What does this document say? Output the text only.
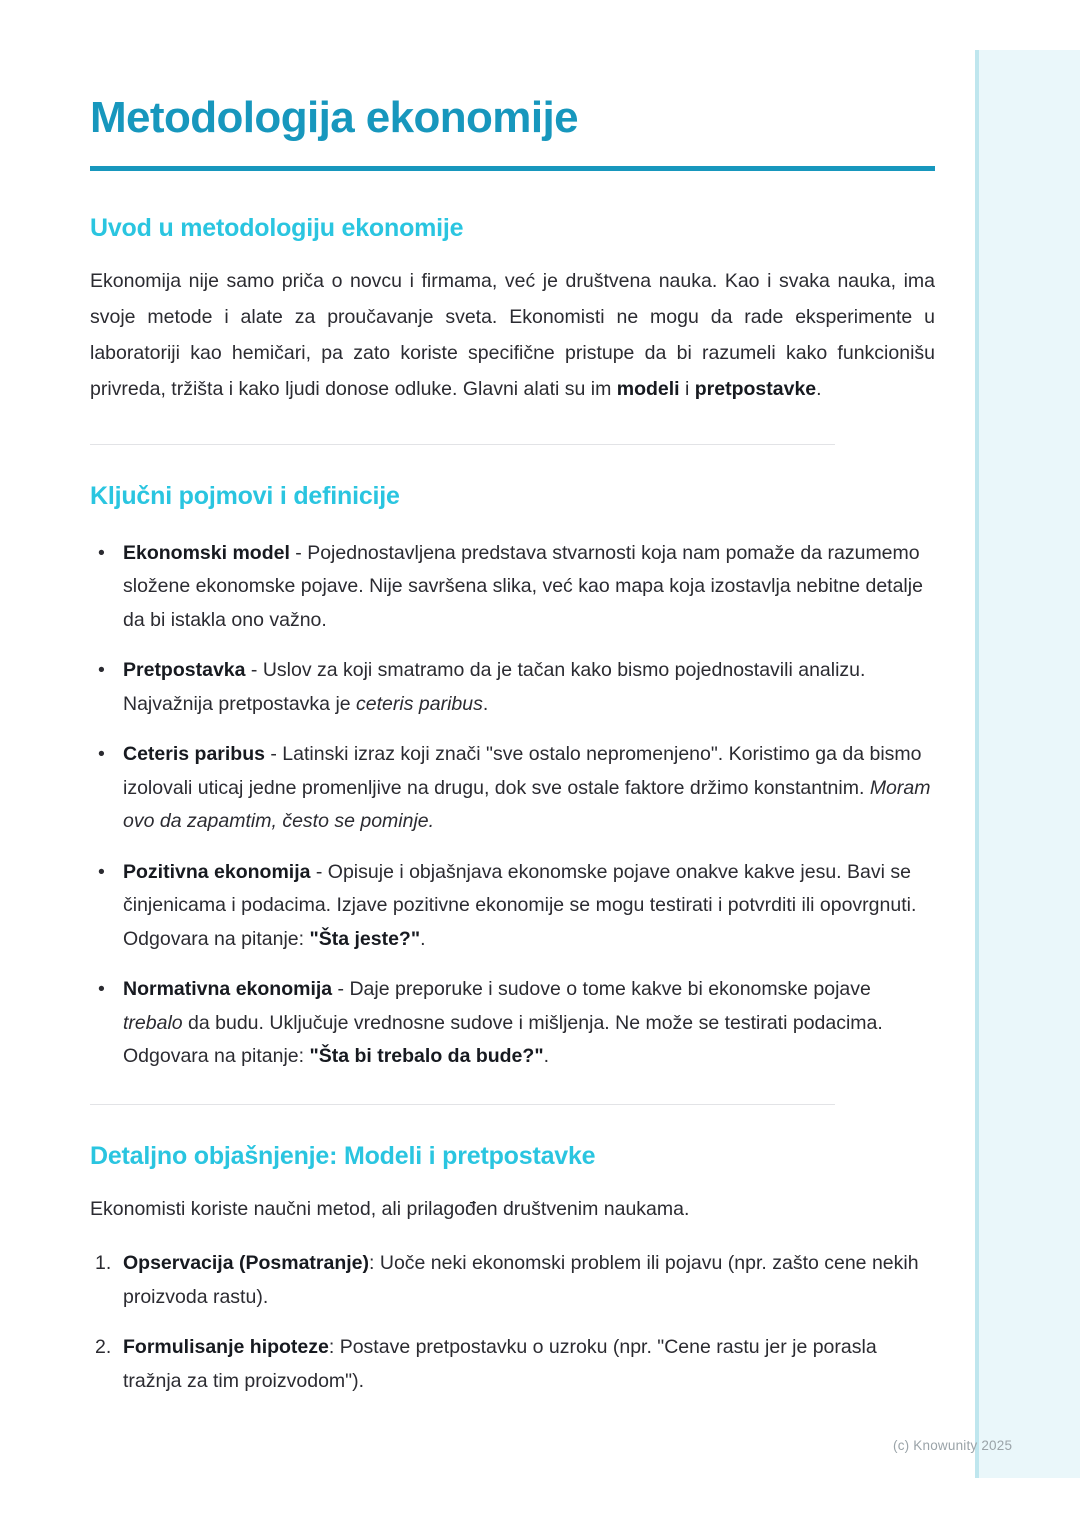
Metodologija ekonomije
Uvod u metodologiju ekonomije

Ekonomija nije samo priča o novcu i firmama, već je društvena nauka. Kao i svaka nauka, ima svoje metode i alate za proučavanje sveta. Ekonomisti ne mogu da rade eksperimente u laboratoriji kao hemičari, pa zato koriste specifične pristupe da bi razumeli kako funkcionišu privreda, tržišta i kako ljudi donose odluke. Glavni alati su im modeli i pretpostavke.

Ključni pojmovi i definicije
• Ekonomski model - Pojednostavljena predstava stvarnosti koja nam pomaže da razumemo složene ekonomske pojave. Nije savršena slika, već kao mapa koja izostavlja nebitne detalje da bi istakla ono važno.
• Pretpostavka - Uslov za koji smatramo da je tačan kako bismo pojednostavili analizu. Najvažnija pretpostavka je ceteris paribus.
• Ceteris paribus - Latinski izraz koji znači "sve ostalo nepromenjeno". Koristimo ga da bismo izolovali uticaj jedne promenljive na drugu, dok sve ostale faktore držimo konstantnim. Moram ovo da zapamtim, često se pominje.
• Pozitivna ekonomija - Opisuje i objašnjava ekonomske pojave onakve kakve jesu. Bavi se činjenicama i podacima. Izjave pozitivne ekonomije se mogu testirati i potvrditi ili opovrgnuti. Odgovara na pitanje: "Šta jeste?".
• Normativna ekonomija - Daje preporuke i sudove o tome kakve bi ekonomske pojave trebalo da budu. Uključuje vrednosne sudove i mišljenja. Ne može se testirati podacima. Odgovara na pitanje: "Šta bi trebalo da bude?".
Detaljno objašnjenje: Modeli i pretpostavke

Ekonomisti koriste naučni metod, ali prilagođen društvenim naukama.

1. Opservacija (Posmatranje): Uoče neki ekonomski problem ili pojavu (npr. zašto cene nekih proizvoda rastu).
2. Formulisanje hipoteze: Postave pretpostavku o uzroku (npr. "Cene rastu jer je porasla tražnja za tim proizvodom").
(c) Knowunity 2025
